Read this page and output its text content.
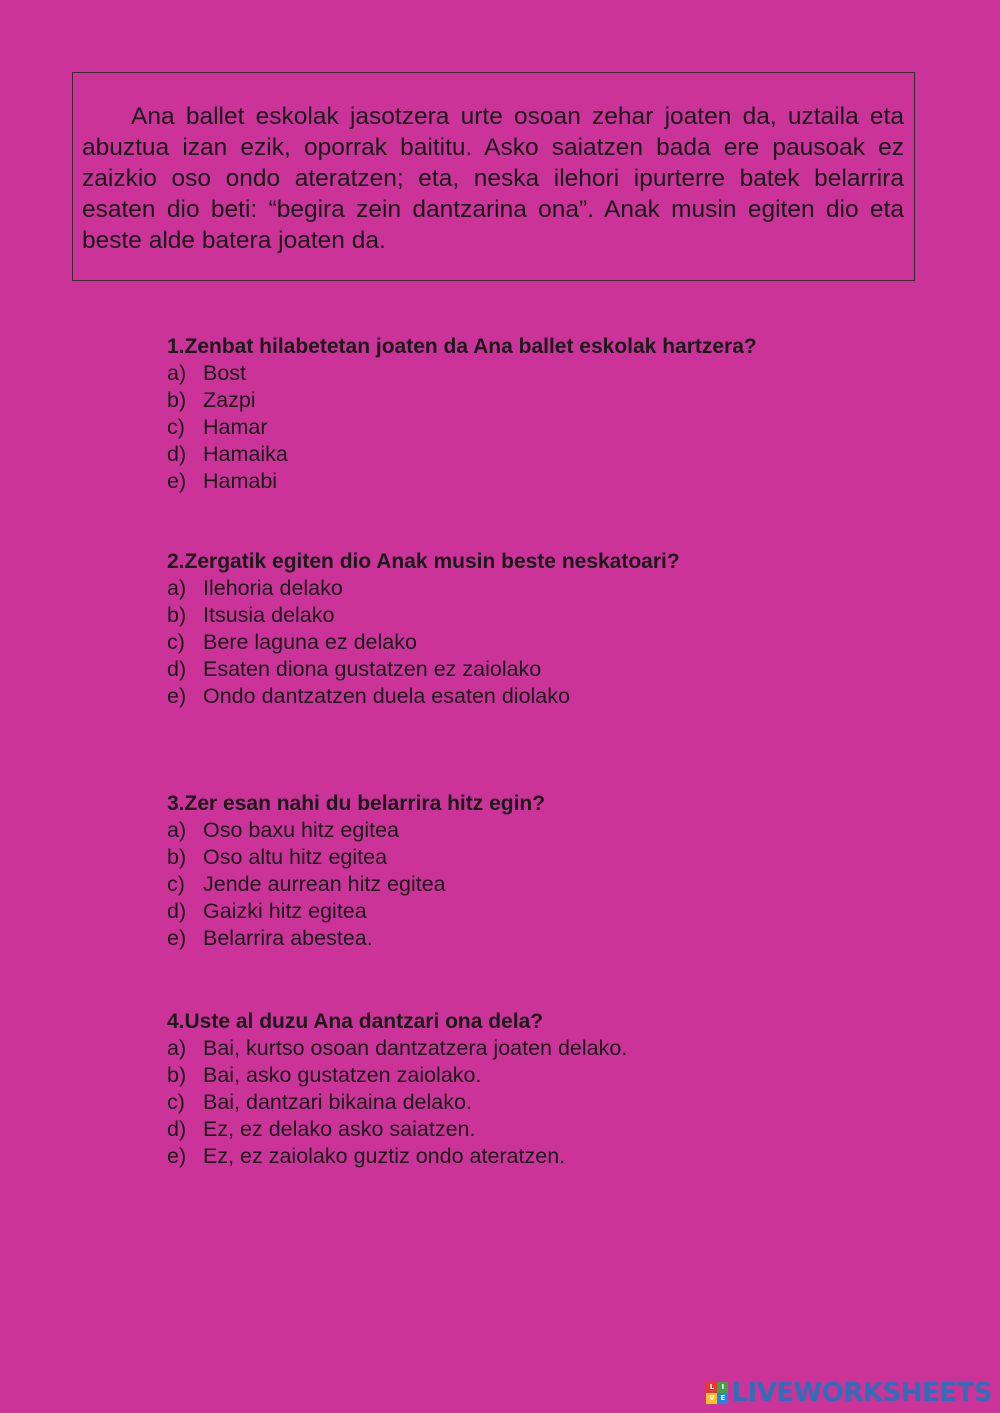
Ana ballet eskolak jasotzera urte osoan zehar joaten da, uztaila eta abuztua izan ezik, oporrak baititu. Asko saiatzen bada ere pausoak ez zaizkio oso ondo ateratzen; eta, neska ilehori ipurterre batek belarrira esaten dio beti: “begira zein dantzarina ona”. Anak musin egiten dio eta beste alde batera joaten da.

1.Zenbat hilabetetan joaten da Ana ballet eskolak hartzera?

a) Bost
b) Zazpi
c) Hamar
d) Hamaika
e) Hamabi

2.Zergatik egiten dio Anak musin beste neskatoari?

a) Ilehoria delako
b) Itsusia delako
c) Bere laguna ez delako
d) Esaten diona gustatzen ez zaiolako
e) Ondo dantzatzen duela esaten diolako

3.Zer esan nahi du belarrira hitz egin?

a) Oso baxu hitz egitea
b) Oso altu hitz egitea
c) Jende aurrean hitz egitea
d) Gaizki hitz egitea
e) Belarrira abestea.

4.Uste al duzu Ana dantzari ona dela?

a) Bai, kurtso osoan dantzatzera joaten delako.
b) Bai, asko gustatzen zaiolako.
c) Bai, dantzari bikaina delako.
d) Ez, ez delako asko saiatzen.
e) Ez, ez zaiolako guztiz ondo ateratzen.
L	I
V E LIVEWORKSHEETS
